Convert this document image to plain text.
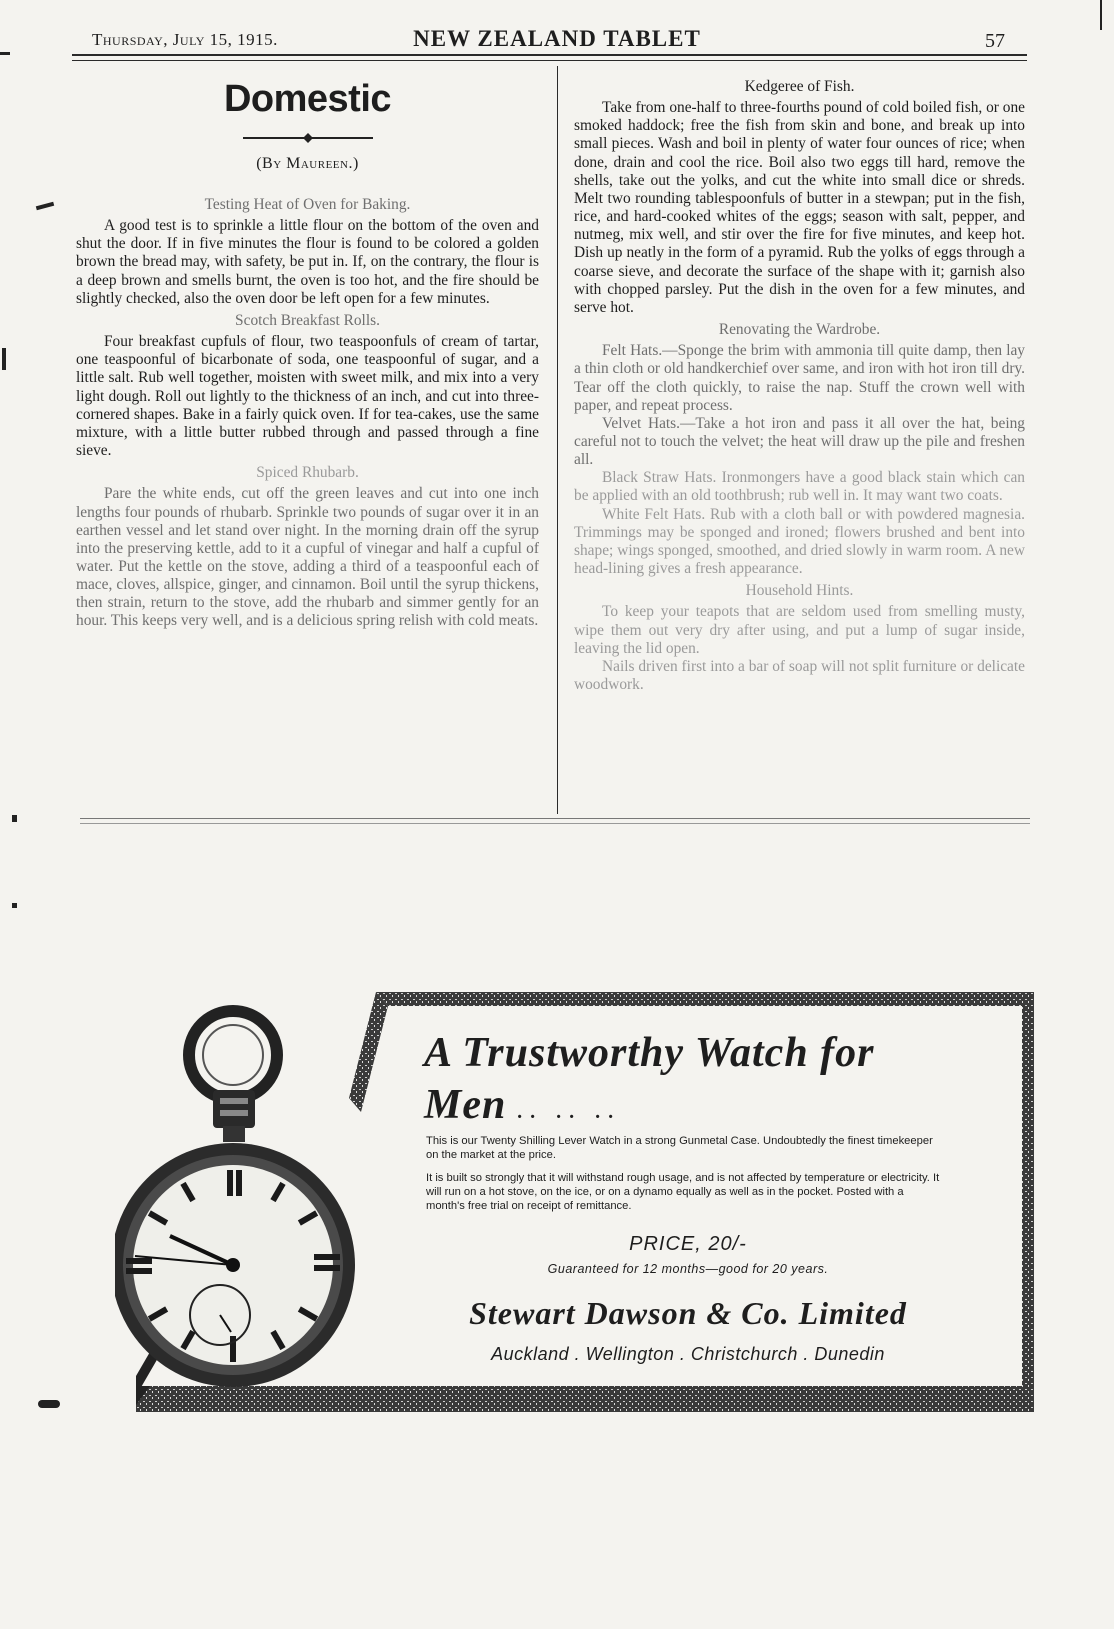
Thursday, July 15, 1915.	NEW ZEALAND TABLET	57
Domestic
(By Maureen.)

Testing Heat of Oven for Baking.

A good test is to sprinkle a little flour on the bottom of the oven and shut the door. If in five minutes the flour is found to be colored a golden brown the bread may, with safety, be put in. If, on the contrary, the flour is a deep brown and smells burnt, the oven is too hot, and the fire should be slightly checked, also the oven door be left open for a few minutes.

Scotch Breakfast Rolls.

Four breakfast cupfuls of flour, two teaspoonfuls of cream of tartar, one teaspoonful of bicarbonate of soda, one teaspoonful of sugar, and a little salt. Rub well together, moisten with sweet milk, and mix into a very light dough. Roll out lightly to the thickness of an inch, and cut into three-cornered shapes. Bake in a fairly quick oven. If for tea-cakes, use the same mixture, with a little butter rubbed through and passed through a fine sieve.

Spiced Rhubarb.

Pare the white ends, cut off the green leaves and cut into one inch lengths four pounds of rhubarb. Sprinkle two pounds of sugar over it in an earthen vessel and let stand over night. In the morning drain off the syrup into the preserving kettle, add to it a cupful of vinegar and half a cupful of water. Put the kettle on the stove, adding a third of a teaspoonful each of mace, cloves, allspice, ginger, and cinnamon. Boil until the syrup thickens, then strain, return to the stove, add the rhubarb and simmer gently for an hour. This keeps very well, and is a delicious spring relish with cold meats.

Kedgeree of Fish.

Take from one-half to three-fourths pound of cold boiled fish, or one smoked haddock; free the fish from skin and bone, and break up into small pieces. Wash and boil in plenty of water four ounces of rice; when done, drain and cool the rice. Boil also two eggs till hard, remove the shells, take out the yolks, and cut the white into small dice or shreds. Melt two rounding tablespoonfuls of butter in a stewpan; put in the fish, rice, and hard-cooked whites of the eggs; season with salt, pepper, and nutmeg, mix well, and stir over the fire for five minutes, and keep hot. Dish up neatly in the form of a pyramid. Rub the yolks of eggs through a coarse sieve, and decorate the surface of the shape with it; garnish also with chopped parsley. Put the dish in the oven for a few minutes, and serve hot.

Renovating the Wardrobe.

Felt Hats.—Sponge the brim with ammonia till quite damp, then lay a thin cloth or old handkerchief over same, and iron with hot iron till dry. Tear off the cloth quickly, to raise the nap. Stuff the crown well with paper, and repeat process.

Velvet Hats.—Take a hot iron and pass it all over the hat, being careful not to touch the velvet; the heat will draw up the pile and freshen all.

Black Straw Hats. Ironmongers have a good black stain which can be applied with an old toothbrush; rub well in. It may want two coats.

White Felt Hats. Rub with a cloth ball or with powdered magnesia. Trimmings may be sponged and ironed; flowers brushed and bent into shape; wings sponged, smoothed, and dried slowly in warm room. A new head-lining gives a fresh appearance.

Household Hints.

To keep your teapots that are seldom used from smelling musty, wipe them out very dry after using, and put a lump of sugar inside, leaving the lid open.

Nails driven first into a bar of soap will not split furniture or delicate woodwork.

A Trustworthy Watch for
Men .. .. ..
This is our Twenty Shilling Lever Watch in a strong Gunmetal Case. Undoubtedly the finest timekeeper on the market at the price.
It is built so strongly that it will withstand rough usage, and is not affected by temperature or electricity. It will run on a hot stove, on the ice, or on a dynamo equally as well as in the pocket. Posted with a month's free trial on receipt of remittance.
PRICE, 20/-
Guaranteed for 12 months—good for 20 years.
Stewart Dawson & Co. Limited
Auckland . Wellington . Christchurch . Dunedin
